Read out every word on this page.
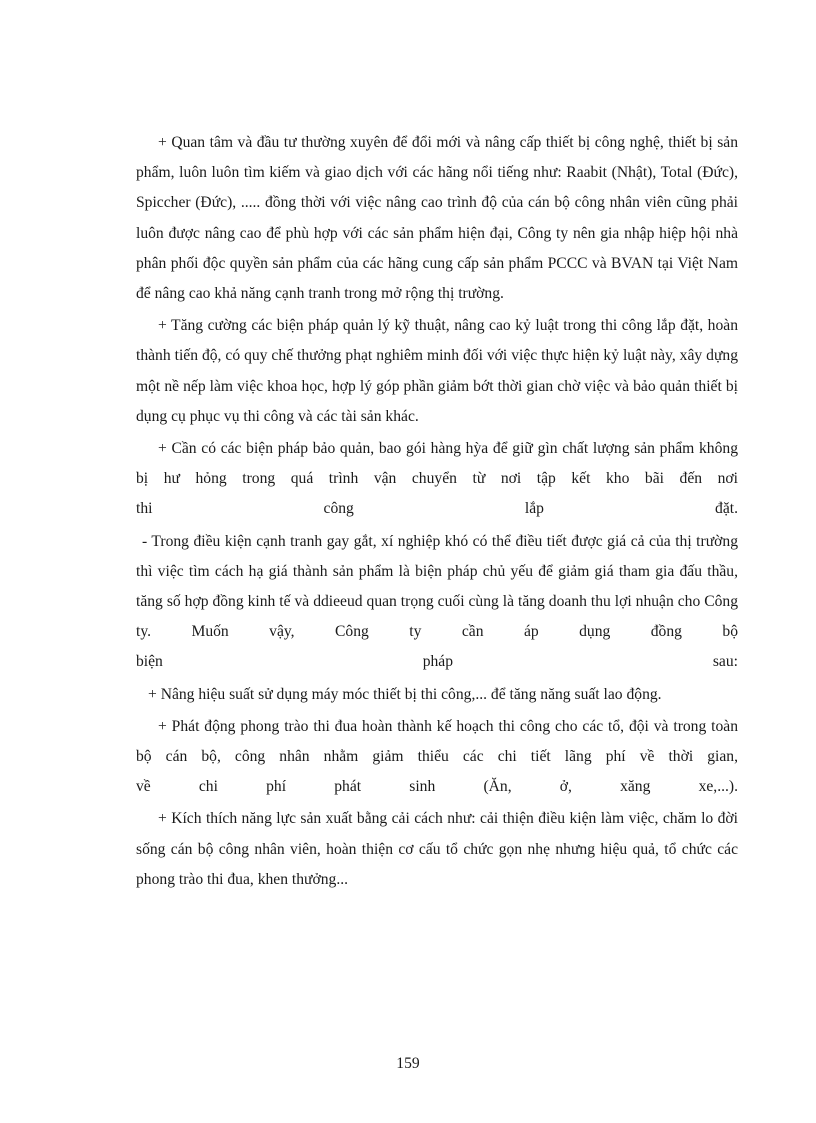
+ Quan tâm và đầu tư thường xuyên để đổi mới và nâng cấp thiết bị công nghệ, thiết bị sản phẩm, luôn luôn tìm kiếm và giao dịch với các hãng nổi tiếng như: Raabit (Nhật), Total (Đức), Spiccher (Đức), ..... đồng thời với việc nâng cao trình độ của cán bộ công nhân viên cũng phải luôn được nâng cao để phù hợp với các sản phẩm hiện đại, Công ty nên gia nhập hiệp hội nhà phân phối độc quyền sản phẩm của các hãng cung cấp sản phẩm PCCC và BVAN tại Việt Nam để nâng cao khả năng cạnh tranh trong mở rộng thị trường.

+ Tăng cường các biện pháp quản lý kỹ thuật, nâng cao kỷ luật trong thi công lắp đặt, hoàn thành tiến độ, có quy chế thưởng phạt nghiêm minh đối với việc thực hiện kỷ luật này, xây dựng một nề nếp làm việc khoa học, hợp lý góp phần giảm bớt thời gian chờ việc và bảo quản thiết bị dụng cụ phục vụ thi công và các tài sản khác.

+ Cần có các biện pháp bảo quản, bao gói hàng hỳa để giữ gìn chất lượng sản phẩm không bị hư hỏng trong quá trình vận chuyển từ nơi tập kết kho bãi đến nơi

thi	công	lắp	đặt.

- Trong điều kiện cạnh tranh gay gắt, xí nghiệp khó có thể điều tiết được giá cả của thị trường thì việc tìm cách hạ giá thành sản phẩm là biện pháp chủ yếu để giảm giá tham gia đấu thầu, tăng số hợp đồng kinh tế và ddieeud quan trọng cuối cùng là tăng doanh thu lợi nhuận cho Công ty. Muốn vậy, Công ty cần áp dụng đồng bộ

biện	pháp	sau:

+ Nâng hiệu suất sử dụng máy móc thiết bị thi công,... để tăng năng suất lao động.

+ Phát động phong trào thi đua hoàn thành kế hoạch thi công cho các tổ, đội và trong toàn bộ cán bộ, công nhân nhằm giảm thiểu các chi tiết lãng phí về thời gian,

về	chi	phí	phát	sinh	(Ăn,	ở,	xăng	xe,...).

+ Kích thích năng lực sản xuất bằng cải cách như: cải thiện điều kiện làm việc, chăm lo đời sống cán bộ công nhân viên, hoàn thiện cơ cấu tổ chức gọn nhẹ nhưng hiệu quả, tổ chức các phong trào thi đua, khen thưởng...

159
